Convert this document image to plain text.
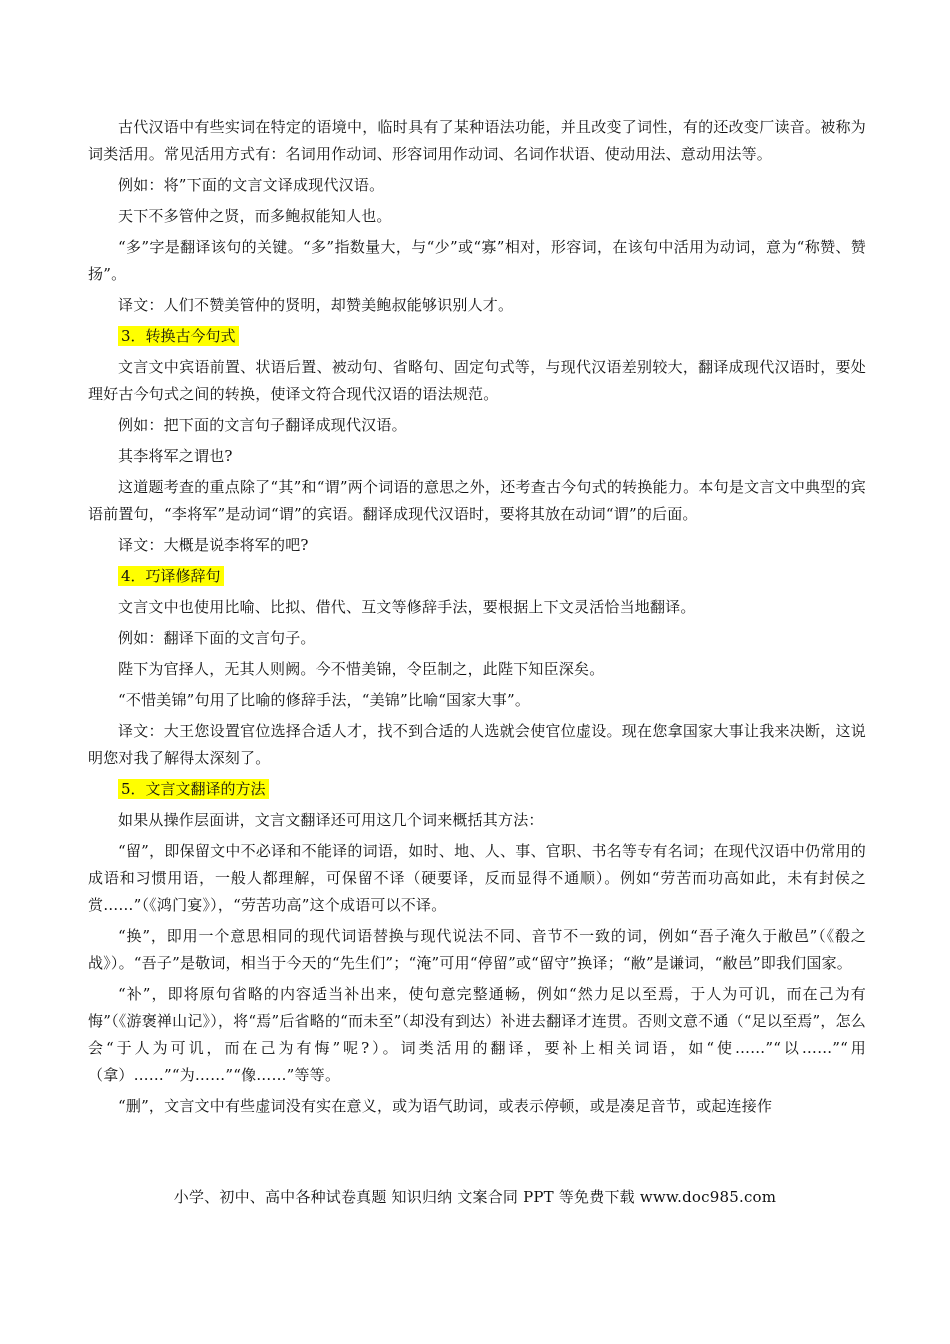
古代汉语中有些实词在特定的语境中，临时具有了某种语法功能，并且改变了词性，有的还改变厂读音。被称为词类活用。常见活用方式有：名词用作动词、形容词用作动词、名词作状语、使动用法、意动用法等。

例如：将”下面的文言文译成现代汉语。

天下不多管仲之贤，而多鲍叔能知人也。

“多”字是翻译该句的关键。“多”指数量大，与“少”或“寡”相对，形容词，在该句中活用为动词，意为“称赞、赞扬”。

译文：人们不赞美管仲的贤明，却赞美鲍叔能够识别人才。

3．转换古今句式

文言文中宾语前置、状语后置、被动句、省略句、固定句式等，与现代汉语差别较大，翻译成现代汉语时，要处理好古今句式之间的转换，使译文符合现代汉语的语法规范。

例如：把下面的文言句子翻译成现代汉语。

其李将军之谓也?

这道题考查的重点除了“其”和“谓”两个词语的意思之外，还考查古今句式的转换能力。本句是文言文中典型的宾语前置句，“李将军”是动词“谓”的宾语。翻译成现代汉语时，要将其放在动词“谓”的后面。

译文：大概是说李将军的吧?

4．巧译修辞句

文言文中也使用比喻、比拟、借代、互文等修辞手法，要根据上下文灵活恰当地翻译。

例如：翻译下面的文言句子。

陛下为官择人，无其人则阙。今不惜美锦，令臣制之，此陛下知臣深矣。

“不惜美锦”句用了比喻的修辞手法，“美锦”比喻“国家大事”。

译文：大王您设置官位选择合适人才，找不到合适的人选就会使官位虚设。现在您拿国家大事让我来决断，这说明您对我了解得太深刻了。

5．文言文翻译的方法

如果从操作层面讲，文言文翻译还可用这几个词来概括其方法：

“留”，即保留文中不必译和不能译的词语，如时、地、人、事、官职、书名等专有名词；在现代汉语中仍常用的成语和习惯用语，一般人都理解，可保留不译（硬要译，反而显得不通顺）。例如“劳苦而功高如此，未有封侯之赏……”（《鸿门宴》），“劳苦功高”这个成语可以不译。

“换”，即用一个意思相同的现代词语替换与现代说法不同、音节不一致的词，例如“吾子淹久于敝邑”（《殽之战》）。“吾子”是敬词，相当于今天的“先生们”；“淹”可用“停留”或“留守”换译；“敝”是谦词，“敝邑”即我们国家。

“补”，即将原句省略的内容适当补出来，使句意完整通畅，例如“然力足以至焉，于人为可讥，而在己为有悔”（《游褒禅山记》），将“焉”后省略的“而未至”（却没有到达）补进去翻译才连贯。否则文意不通（“足以至焉”，怎么会“于人为可讥，而在己为有悔”呢?）。词类活用的翻译，要补上相关词语，如“使……”“以……”“用（拿）……”“为……”“像……”等等。

“删”，文言文中有些虚词没有实在意义，或为语气助词，或表示停顿，或是凑足音节，或起连接作

小学、初中、高中各种试卷真题 知识归纳 文案合同 PPT 等免费下载 www.doc985.com
